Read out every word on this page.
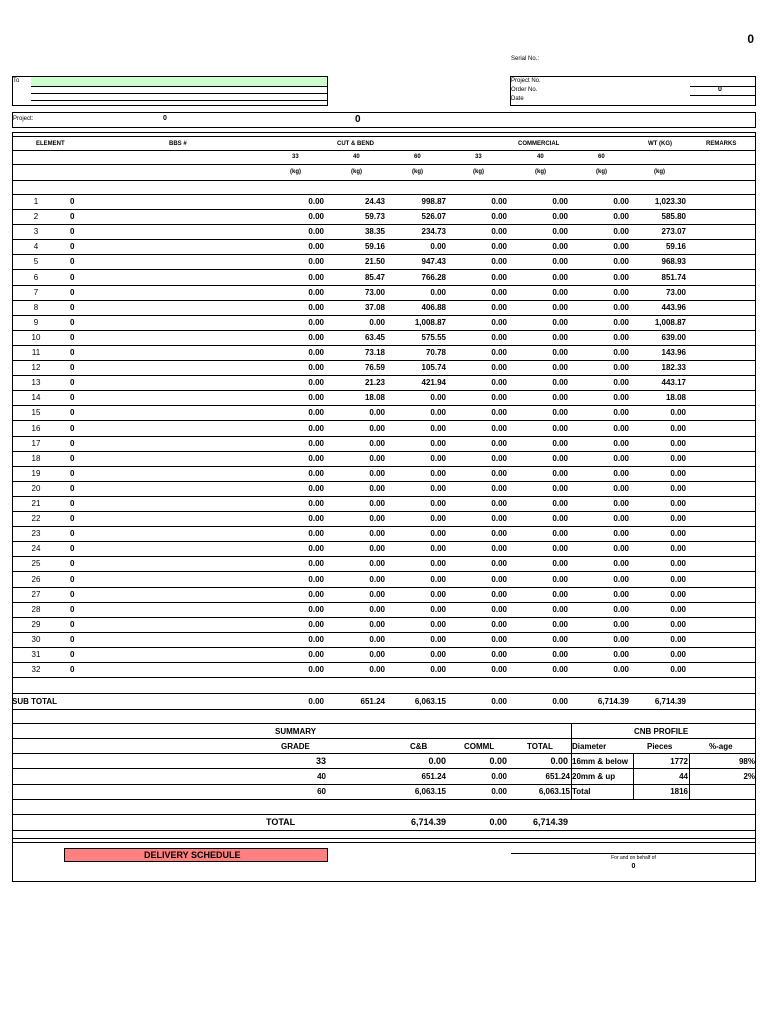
0
Serial No.:
To	Project No.
Order No.	0
Date
Project:	0	0
ELEMENT	BBS #	CUT & BEND	COMMERCIAL	WT (KG)	REMARKS
33	40	60	33	40	60
(kg)	(kg)	(kg)	(kg)	(kg)	(kg)	(kg)
1	0	0.00	24.43	998.87	0.00	0.00	0.00	1,023.30
2	0	0.00	59.73	526.07	0.00	0.00	0.00	585.80
3	0	0.00	38.35	234.73	0.00	0.00	0.00	273.07
4	0	0.00	59.16	0.00	0.00	0.00	0.00	59.16
5	0	0.00	21.50	947.43	0.00	0.00	0.00	968.93
6	0	0.00	85.47	766.28	0.00	0.00	0.00	851.74
7	0	0.00	73.00	0.00	0.00	0.00	0.00	73.00
8	0	0.00	37.08	406.88	0.00	0.00	0.00	443.96
9	0	0.00	0.00	1,008.87	0.00	0.00	0.00	1,008.87
10	0	0.00	63.45	575.55	0.00	0.00	0.00	639.00
11	0	0.00	73.18	70.78	0.00	0.00	0.00	143.96
12	0	0.00	76.59	105.74	0.00	0.00	0.00	182.33
13	0	0.00	21.23	421.94	0.00	0.00	0.00	443.17
14	0	0.00	18.08	0.00	0.00	0.00	0.00	18.08
15	0	0.00	0.00	0.00	0.00	0.00	0.00	0.00
16	0	0.00	0.00	0.00	0.00	0.00	0.00	0.00
17	0	0.00	0.00	0.00	0.00	0.00	0.00	0.00
18	0	0.00	0.00	0.00	0.00	0.00	0.00	0.00
19	0	0.00	0.00	0.00	0.00	0.00	0.00	0.00
20	0	0.00	0.00	0.00	0.00	0.00	0.00	0.00
21	0	0.00	0.00	0.00	0.00	0.00	0.00	0.00
22	0	0.00	0.00	0.00	0.00	0.00	0.00	0.00
23	0	0.00	0.00	0.00	0.00	0.00	0.00	0.00
24	0	0.00	0.00	0.00	0.00	0.00	0.00	0.00
25	0	0.00	0.00	0.00	0.00	0.00	0.00	0.00
26	0	0.00	0.00	0.00	0.00	0.00	0.00	0.00
27	0	0.00	0.00	0.00	0.00	0.00	0.00	0.00
28	0	0.00	0.00	0.00	0.00	0.00	0.00	0.00
29	0	0.00	0.00	0.00	0.00	0.00	0.00	0.00
30	0	0.00	0.00	0.00	0.00	0.00	0.00	0.00
31	0	0.00	0.00	0.00	0.00	0.00	0.00	0.00
32	0	0.00	0.00	0.00	0.00	0.00	0.00	0.00
SUB TOTAL	0.00	651.24	6,063.15	0.00	0.00	6,714.39	6,714.39
SUMMARY	CNB PROFILE
GRADE	C&B	COMML	TOTAL Diameter	Pieces	%-age
33	0.00	0.00	0.00 16mm & below	1772	98%
40	651.24	0.00	651.24 20mm & up	44	2%
60	6,063.15	0.00	6,063.15 Total	1816
TOTAL	6,714.39	0.00	6,714.39
DELIVERY SCHEDULE	For and on behalf of
0
